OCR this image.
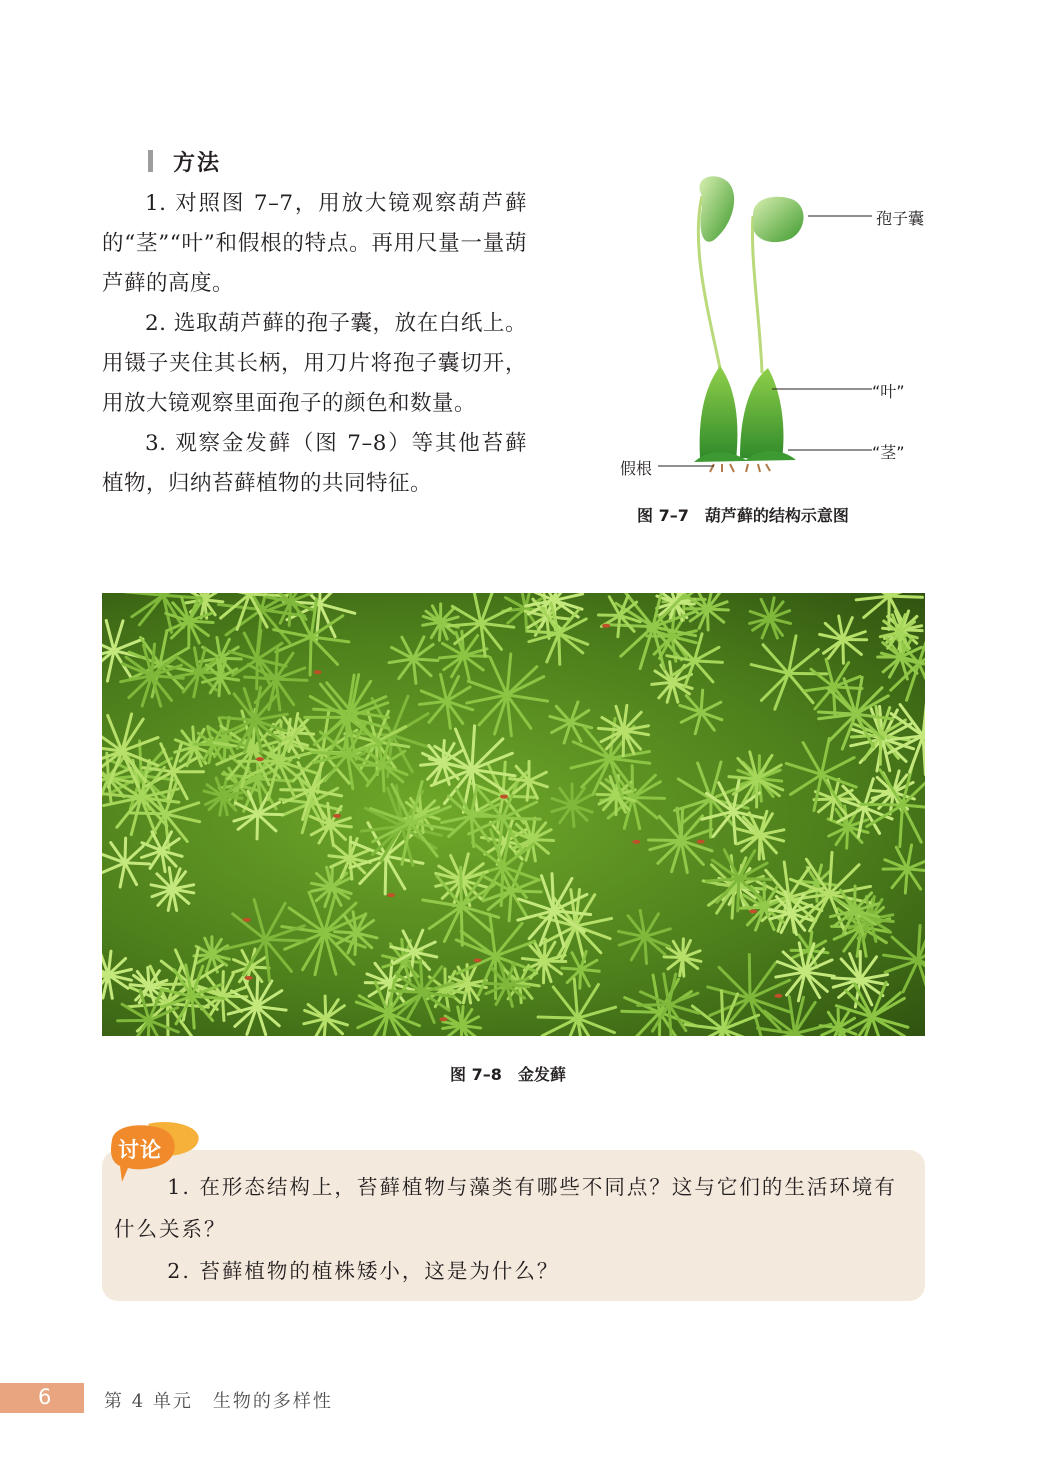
方法

1. 对照图 7–7，用放大镜观察葫芦藓的“茎”“叶”和假根的特点。再用尺量一量葫芦藓的高度。

2. 选取葫芦藓的孢子囊，放在白纸上。用镊子夹住其长柄，用刀片将孢子囊切开，用放大镜观察里面孢子的颜色和数量。

3. 观察金发藓（图 7–8）等其他苔藓植物，归纳苔藓植物的共同特征。

孢子囊
“叶”
“茎”
假根
图 7–7　葫芦藓的结构示意图
图 7–8　金发藓

1. 在形态结构上，苔藓植物与藻类有哪些不同点？这与它们的生活环境有什么关系？

2. 苔藓植物的植株矮小，这是为什么？

讨论
6	第 4 单元　生物的多样性
